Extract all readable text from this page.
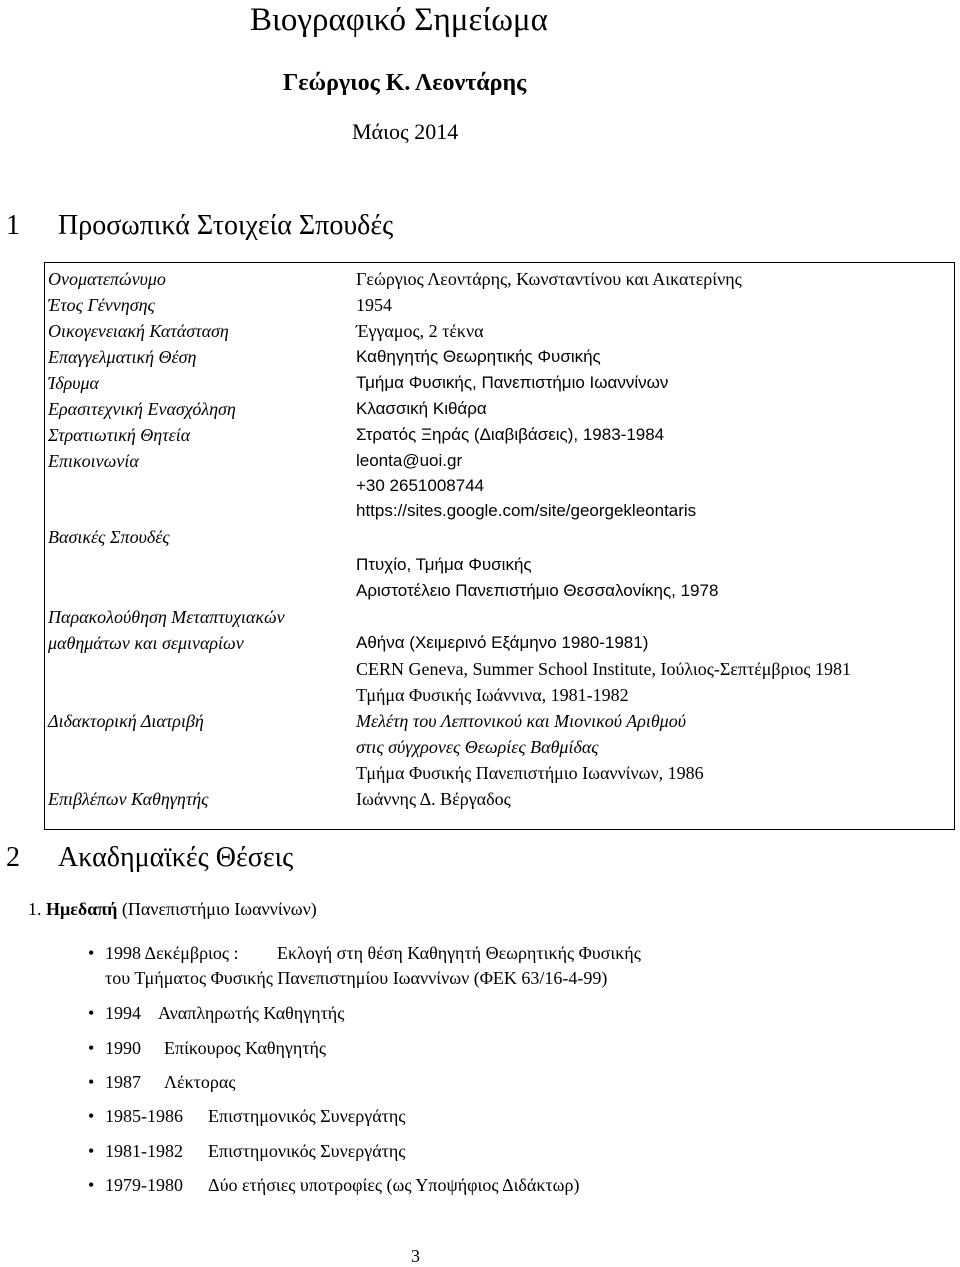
Βιογραφικό Σημείωμα
Γεώργιος Κ. Λεοντάρης
Μάιος 2014
1 Προσωπικά Στοιχεία Σπουδές
Ονοματεπώνυμο	Γεώργιος Λεοντάρης, Κωνσταντίνου και Αικατερίνης
Έτος Γέννησης	1954
Οικογενειακή Κατάσταση	Έγγαμος, 2 τέκνα
Επαγγελματική Θέση	Καθηγητής Θεωρητικής Φυσικής
Ίδρυμα	Τμήμα Φυσικής, Πανεπιστήμιο Ιωαννίνων
Ερασιτεχνική Ενασχόληση	Κλασσική Κιθάρα
Στρατιωτική Θητεία	Στρατός Ξηράς (Διαβιβάσεις), 1983-1984
Επικοινωνία	leonta@uoi.gr
+30 2651008744
https://sites.google.com/site/georgekleontaris
Βασικές Σπουδές
Πτυχίο, Τμήμα Φυσικής
Αριστοτέλειο Πανεπιστήμιο Θεσσαλονίκης, 1978
Παρακολούθηση Μεταπτυχιακών
μαθημάτων και σεμιναρίων	Αθήνα (Χειμερινό Εξάμηνο 1980-1981)
CERN Geneva, Summer School Institute, Ιούλιος-Σεπτέμβριος 1981
Τμήμα Φυσικής Ιωάννινα, 1981-1982
Διδακτορική Διατριβή	Μελέτη του Λεπτονικού και Μιονικού Αριθμού
στις σύγχρονες Θεωρίες Βαθμίδας
Τμήμα Φυσικής Πανεπιστήμιο Ιωαννίνων, 1986
Επιβλέπων Καθηγητής	Ιωάννης Δ. Βέργαδος
2 Ακαδημαϊκές Θέσεις
1. Ημεδαπή (Πανεπιστήμιο Ιωαννίνων)
• 1998 Δεκέμβριος : Εκλογή στη θέση Καθηγητή Θεωρητικής Φυσικής
του Τμήματος Φυσικής Πανεπιστημίου Ιωαννίνων (ΦΕΚ 63/16-4-99)
• 1994 Αναπληρωτής Καθηγητής
• 1990 Επίκουρος Καθηγητής
• 1987 Λέκτορας
• 1985-1986 Επιστημονικός Συνεργάτης
• 1981-1982 Επιστημονικός Συνεργάτης
• 1979-1980 Δύο ετήσιες υποτροφίες (ως Υποψήφιος Διδάκτωρ)
3
